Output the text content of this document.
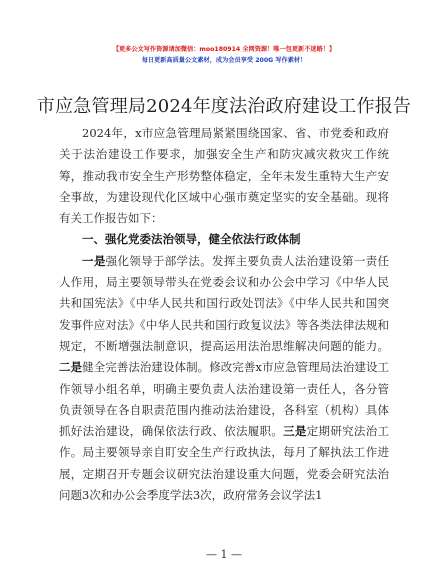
【更多公文写作资源请加微信：moo180914 全网资源！唯一包更新不迷路！】
每日更新高质量公文素材，成为会员享受 200G 写作素材！
市应急管理局2024年度法治政府建设工作报告

2024年，x市应急管理局紧紧围绕国家、省、市党委和政府关于法治建设工作要求，加强安全生产和防灾减灾救灾工作统筹，推动我市安全生产形势整体稳定，全年未发生重特大生产安全事故，为建设现代化区域中心强市奠定坚实的安全基础。现将有关工作报告如下：

一、强化党委法治领导，健全依法行政体制

一是强化领导于部学法。发挥主要负责人法治建设第一责任人作用，局主要领导带头在党委会议和办公会中学习《中华人民共和国宪法》《中华人民共和国行政处罚法》《中华人民共和国突发事件应对法》《中华人民共和国行政复议法》等各类法律法规和规定，不断增强法制意识，提高运用法治思维解决问题的能力。二是健全完善法治建设体制。修改完善x市应急管理局法治建设工作领导小组名单，明确主要负责人法治建设第一责任人，各分管负责领导在各自职责范围内推动法治建设，各科室（机构）具体抓好法治建设，确保依法行政、依法履职。三是定期研究法治工作。局主要领导亲自盯安全生产行政执法，每月了解执法工作进展，定期召开专题会议研究法治建设重大问题，党委会研究法治问题3次和办公会季度学法3次，政府常务会议学法1

— 1 —
